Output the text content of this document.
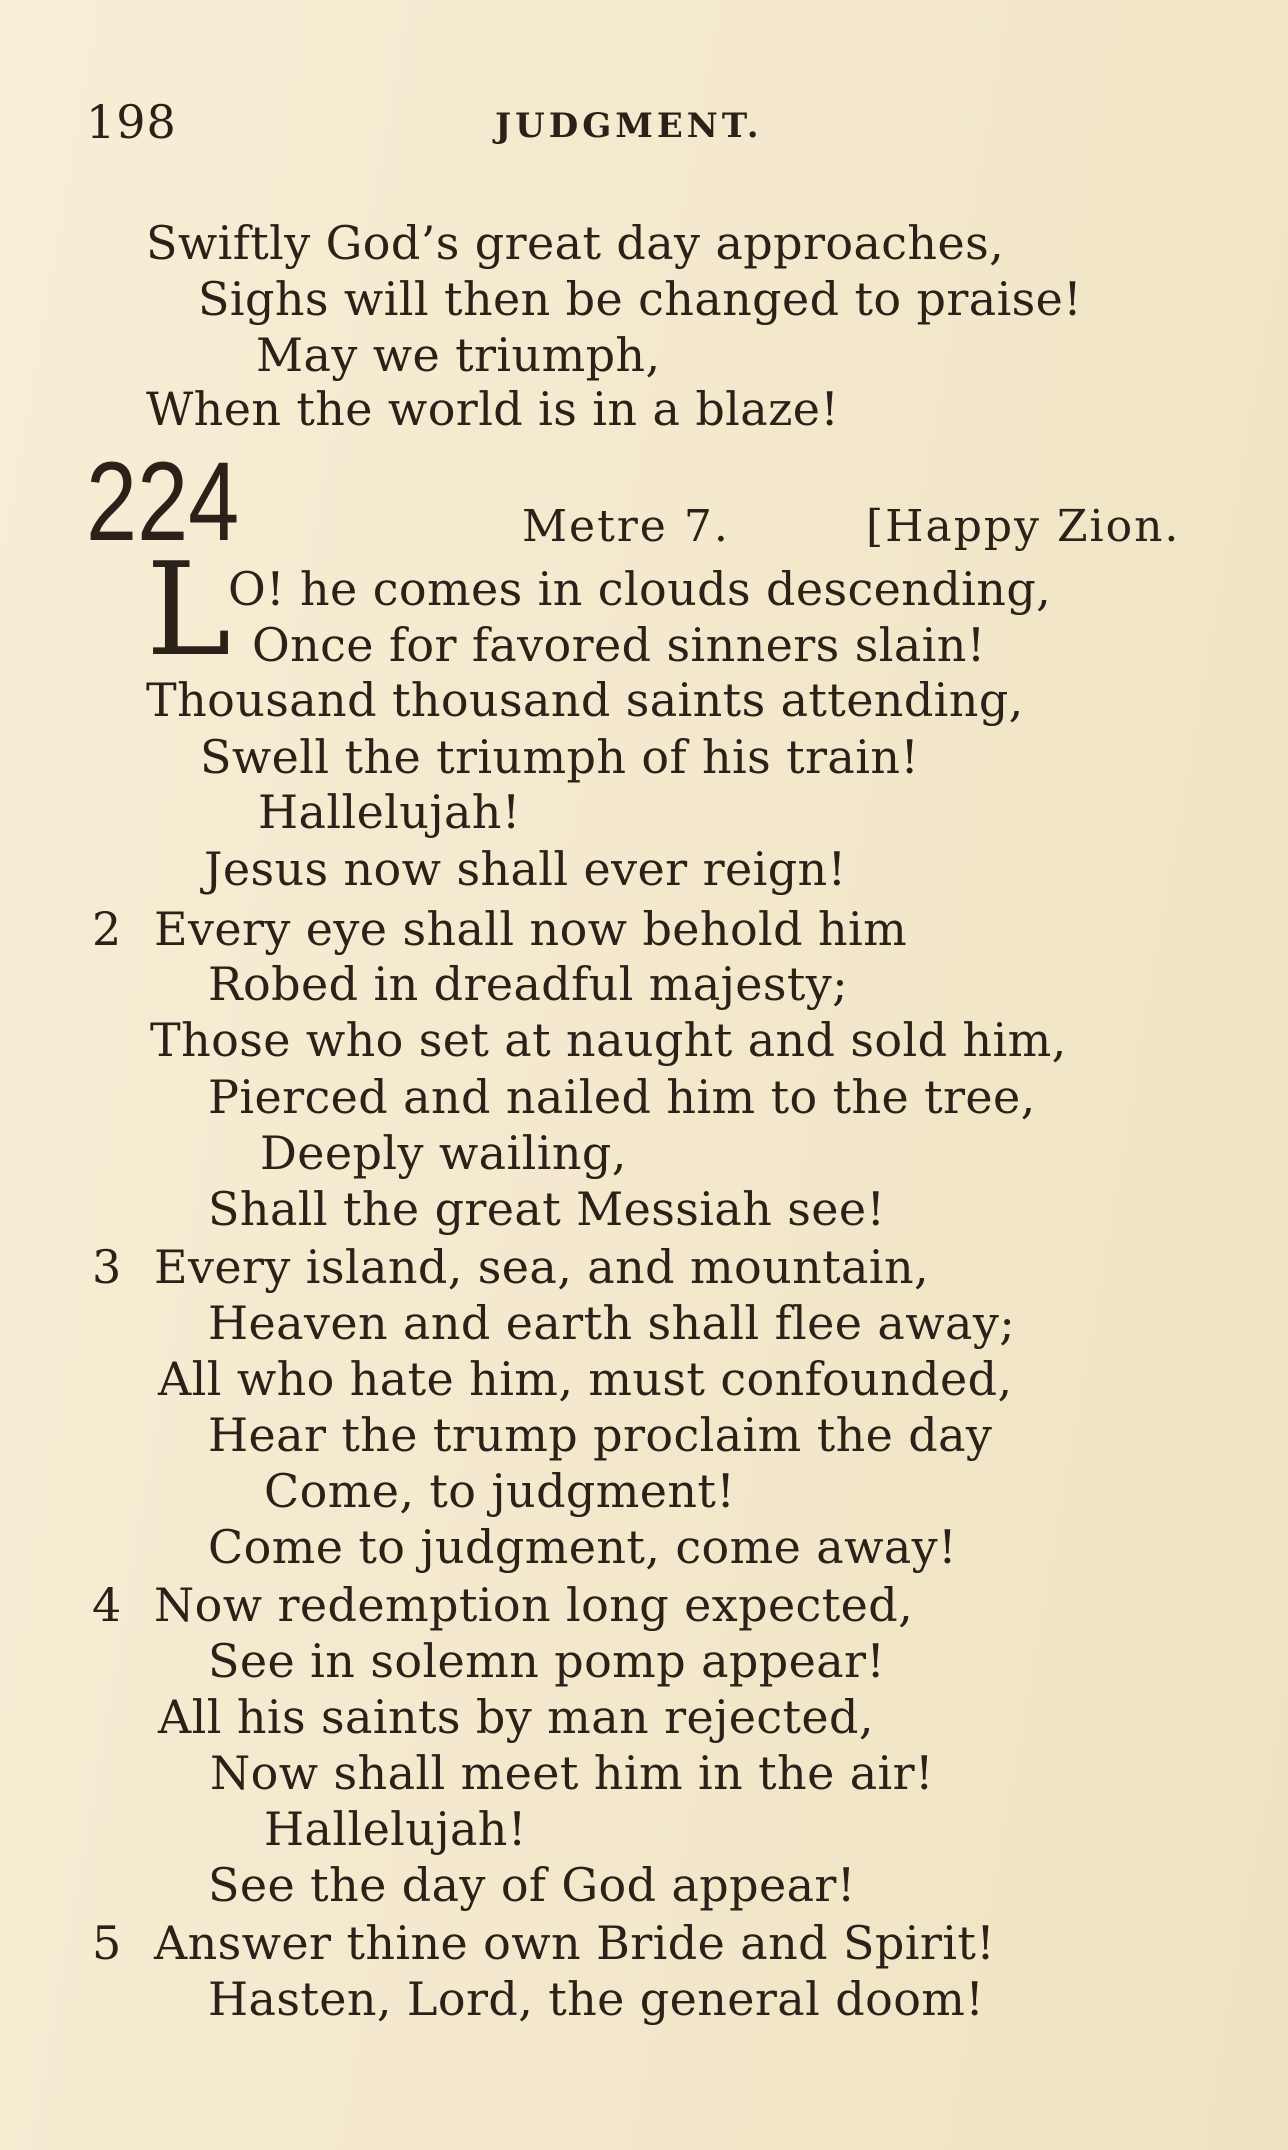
198	JUDGMENT.
Swiftly God’s great day approaches,
Sighs will then be changed to praise!
May we triumph,
When the world is in a blaze!
224	Metre 7.	[Happy Zion.
L
O! he comes in clouds descending,
Once for favored sinners slain!
Thousand thousand saints attending,
Swell the triumph of his train!
Hallelujah!
Jesus now shall ever reign!
2 Every eye shall now behold him
Robed in dreadful majesty;
Those who set at naught and sold him,
Pierced and nailed him to the tree,
Deeply wailing,
Shall the great Messiah see!
3 Every island, sea, and mountain,
Heaven and earth shall flee away;
All who hate him, must confounded,
Hear the trump proclaim the day
Come, to judgment!
Come to judgment, come away!
4 Now redemption long expected,
See in solemn pomp appear!
All his saints by man rejected,
Now shall meet him in the air!
Hallelujah!
See the day of God appear!
5 Answer thine own Bride and Spirit!
Hasten, Lord, the general doom!
